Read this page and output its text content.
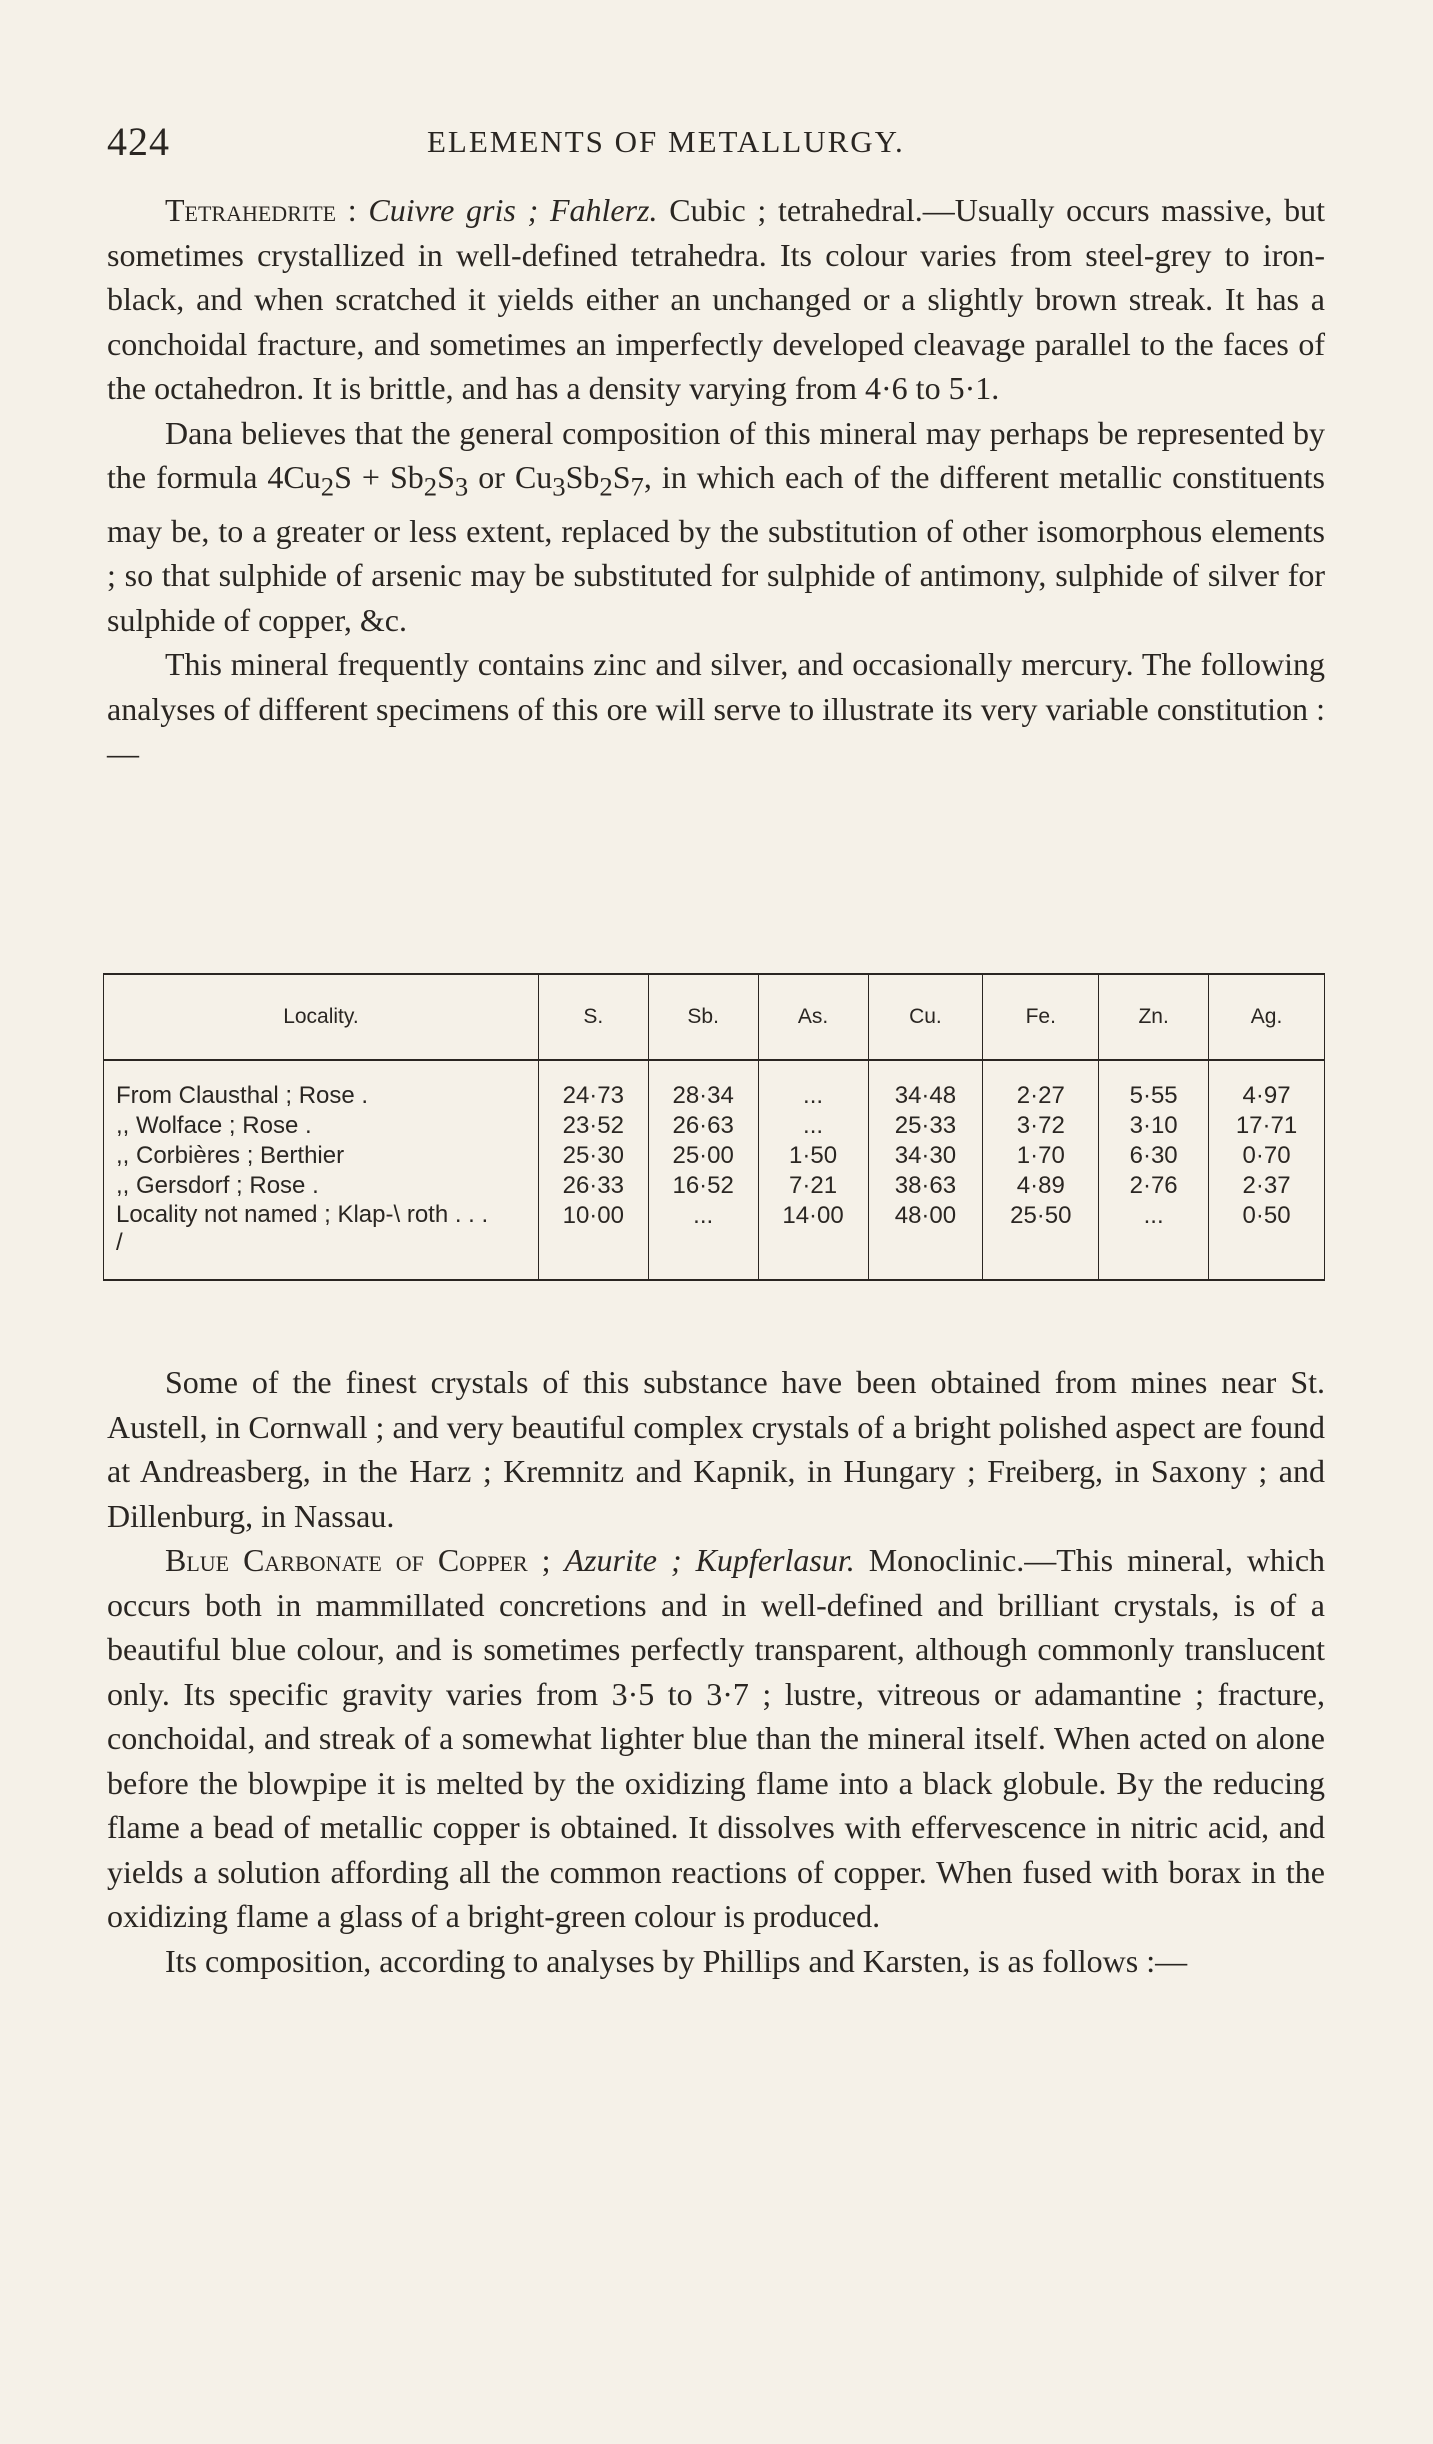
424	ELEMENTS OF METALLURGY.

Tetrahedrite : Cuivre gris ; Fahlerz. Cubic ; tetrahedral.—Usually occurs massive, but sometimes crystallized in well-defined tetrahedra. Its colour varies from steel-grey to iron-black, and when scratched it yields either an unchanged or a slightly brown streak. It has a conchoidal fracture, and sometimes an imperfectly developed cleavage parallel to the faces of the octahedron. It is brittle, and has a density varying from 4·6 to 5·1.

Dana believes that the general composition of this mineral may perhaps be represented by the formula $4Cu_2S + Sb_2S_3$ or $Cu_3Sb_2S_7$, in which each of the different metallic constituents may be, to a greater or less extent, replaced by the substitution of other isomorphous elements ; so that sulphide of arsenic may be substituted for sulphide of antimony, sulphide of silver for sulphide of copper, &c.

This mineral frequently contains zinc and silver, and occasionally mercury. The following analyses of different specimens of this ore will serve to illustrate its very variable constitution :—

Locality.	S.	Sb.	As.	Cu.	Fe.	Zn.	Ag.
From Clausthal ; Rose .	24·73	28·34	...	34·48	2·27	5·55	4·97
,, Wolface ; Rose .	23·52	26·63	...	25·33	3·72	3·10	17·71
,, Corbières ; Berthier	25·30	25·00	1·50	34·30	1·70	6·30	0·70
,, Gersdorf ; Rose .	26·33	16·52	7·21	38·63	4·89	2·76	2·37
Locality not named ; Klap-\ roth . . . /	10·00	...	14·00	48·00	25·50	...	0·50

Some of the finest crystals of this substance have been obtained from mines near St. Austell, in Cornwall ; and very beautiful complex crystals of a bright polished aspect are found at Andreasberg, in the Harz ; Kremnitz and Kapnik, in Hungary ; Freiberg, in Saxony ; and Dillenburg, in Nassau.

Blue Carbonate of Copper ; Azurite ; Kupferlasur. Monoclinic.—This mineral, which occurs both in mammillated concretions and in well-defined and brilliant crystals, is of a beautiful blue colour, and is sometimes perfectly transparent, although commonly translucent only. Its specific gravity varies from 3·5 to 3·7 ; lustre, vitreous or adamantine ; fracture, conchoidal, and streak of a somewhat lighter blue than the mineral itself. When acted on alone before the blowpipe it is melted by the oxidizing flame into a black globule. By the reducing flame a bead of metallic copper is obtained. It dissolves with effervescence in nitric acid, and yields a solution affording all the common reactions of copper. When fused with borax in the oxidizing flame a glass of a bright-green colour is produced.

Its composition, according to analyses by Phillips and Karsten, is as follows :—
